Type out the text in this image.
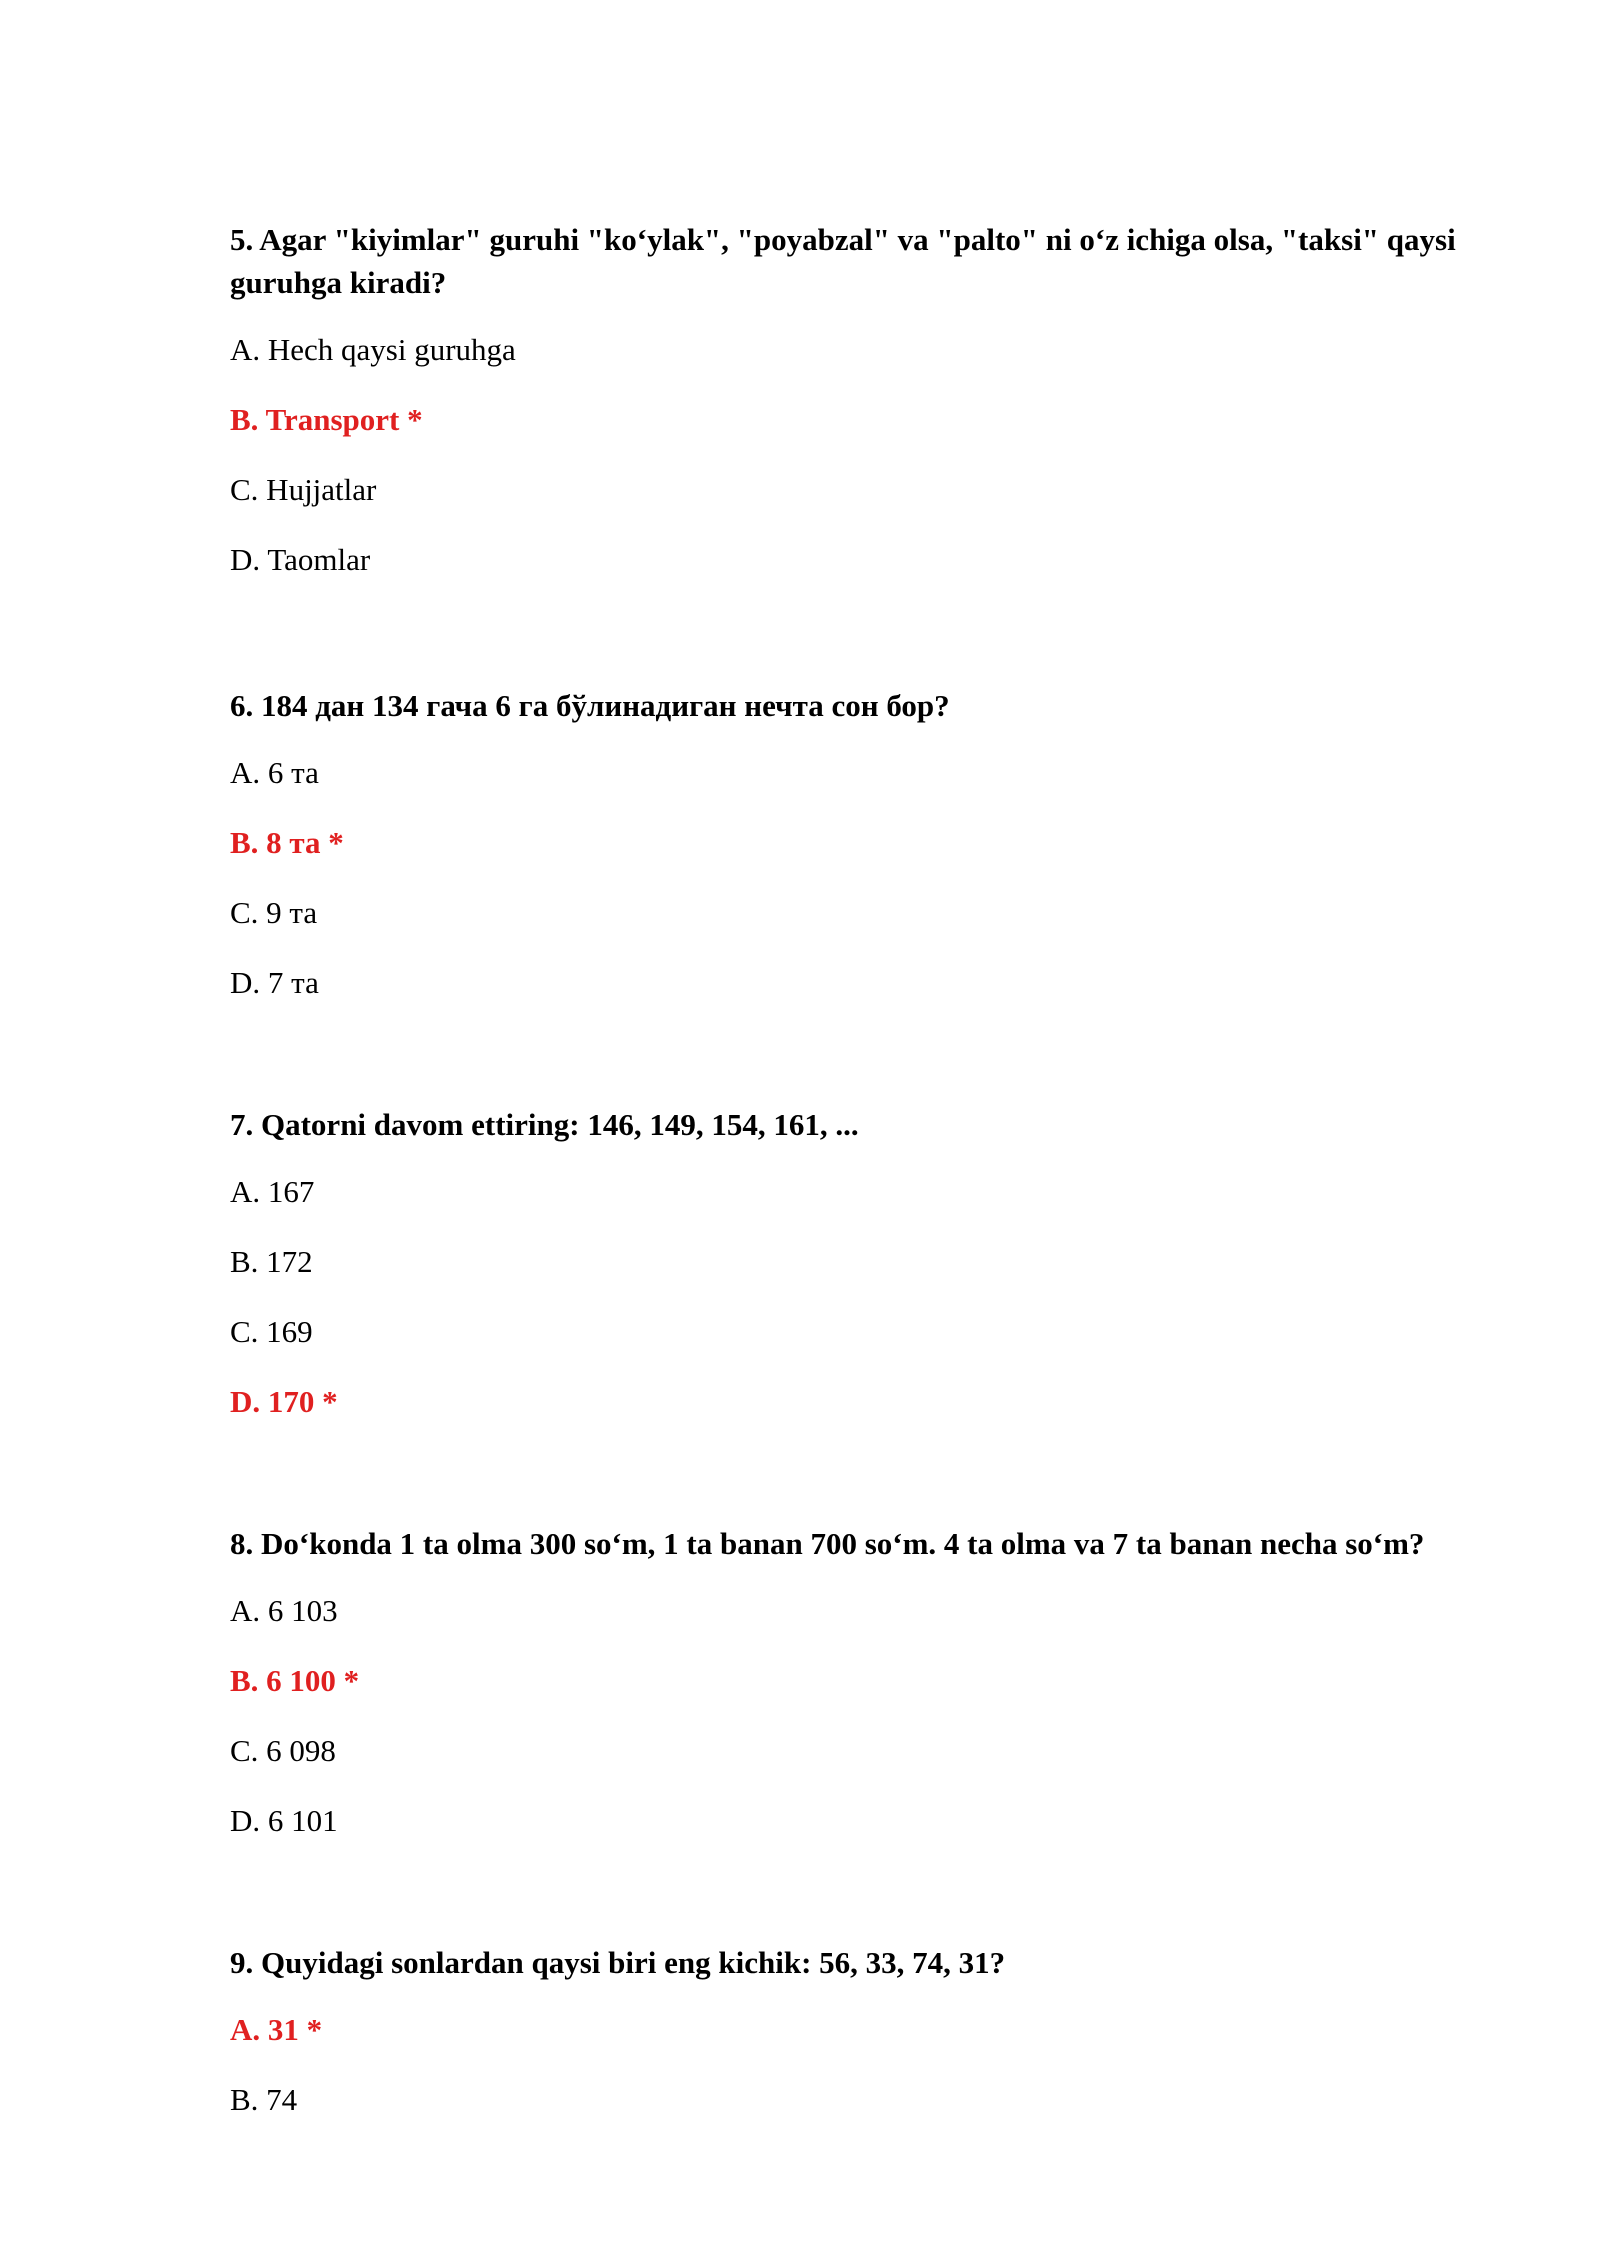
5. Agar "kiyimlar" guruhi "ko‘ylak", "poyabzal" va "palto" ni o‘z ichiga olsa, "taksi" qaysi guruhga kiradi?

A. Hech qaysi guruhga
B. Transport *
C. Hujjatlar
D. Taomlar

6. 184 дан 134 гача 6 га бўлинадиган нечта сон бор?

A. 6 та
B. 8 та *
C. 9 та
D. 7 та

7. Qatorni davom ettiring: 146, 149, 154, 161, ...

A. 167
B. 172
C. 169
D. 170 *

8. Do‘konda 1 ta olma 300 so‘m, 1 ta banan 700 so‘m. 4 ta olma va 7 ta banan necha so‘m?

A. 6 103
B. 6 100 *
C. 6 098
D. 6 101

9. Quyidagi sonlardan qaysi biri eng kichik: 56, 33, 74, 31?

A. 31 *
B. 74
